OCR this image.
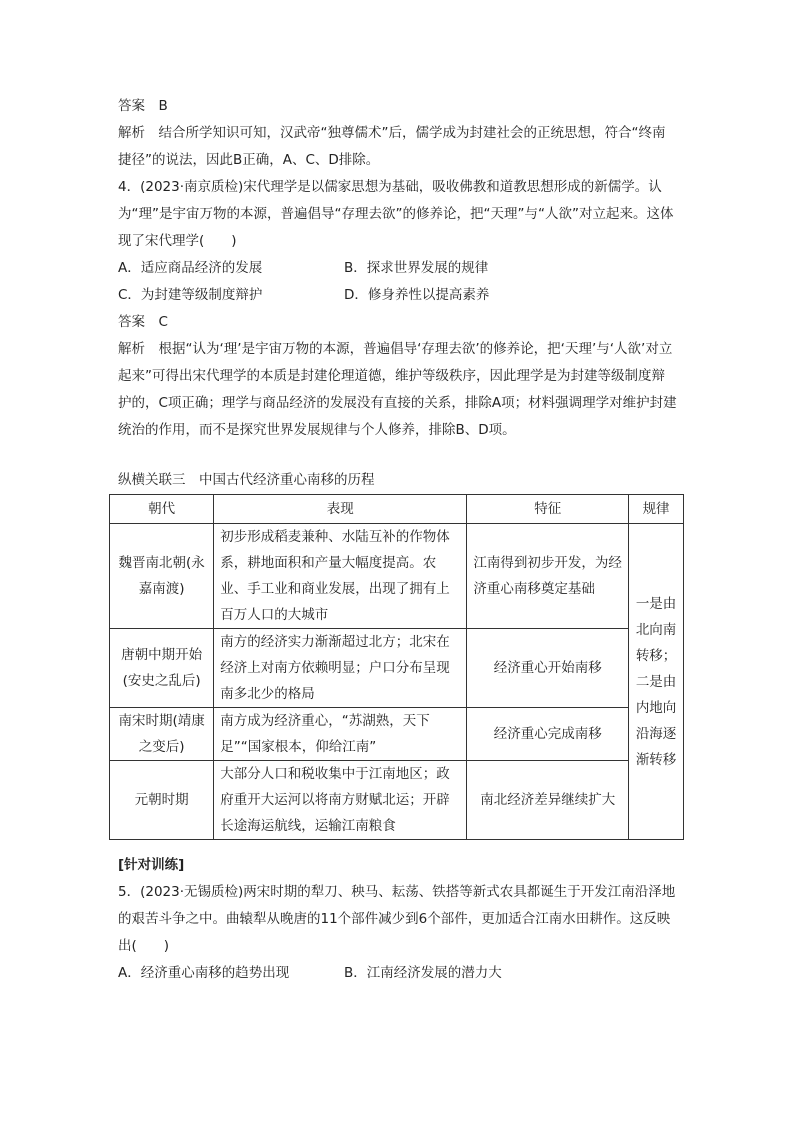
答案　B

解析　结合所学知识可知，汉武帝“独尊儒术”后，儒学成为封建社会的正统思想，符合“终南捷径”的说法，因此B正确，A、C、D排除。

4．(2023·南京质检)宋代理学是以儒家思想为基础，吸收佛教和道教思想形成的新儒学。认为“理”是宇宙万物的本源，普遍倡导“存理去欲”的修养论，把“天理”与“人欲”对立起来。这体现了宋代理学(　　)

A．适应商品经济的发展	B．探求世界发展的规律
C．为封建等级制度辩护	D．修身养性以提高素养

答案　C

解析　根据“认为‘理’是宇宙万物的本源，普遍倡导‘存理去欲’的修养论，把‘天理’与‘人欲’对立起来”可得出宋代理学的本质是封建伦理道德，维护等级秩序，因此理学是为封建等级制度辩护的，C项正确；理学与商品经济的发展没有直接的关系，排除A项；材料强调理学对维护封建统治的作用，而不是探究世界发展规律与个人修养，排除B、D项。

纵横关联三　中国古代经济重心南移的历程

朝代	表现	特征	规律
魏晋南北朝(永嘉南渡)	初步形成稻麦兼种、水陆互补的作物体系，耕地面积和产量大幅度提高。农业、手工业和商业发展，出现了拥有上百万人口的大城市	江南得到初步开发，为经济重心南移奠定基础	一是由北向南转移；二是由内地向沿海逐渐转移
唐朝中期开始(安史之乱后)	南方的经济实力渐渐超过北方；北宋在经济上对南方依赖明显；户口分布呈现南多北少的格局	经济重心开始南移	
南宋时期(靖康之变后)	南方成为经济重心，“苏湖熟，天下足”“国家根本，仰给江南”	经济重心完成南移	
元朝时期	大部分人口和税收集中于江南地区；政府重开大运河以将南方财赋北运；开辟长途海运航线，运输江南粮食	南北经济差异继续扩大	

[针对训练]

5．(2023·无锡质检)两宋时期的犁刀、秧马、耘荡、铁搭等新式农具都诞生于开发江南沿泽地的艰苦斗争之中。曲辕犁从晚唐的11个部件减少到6个部件，更加适合江南水田耕作。这反映出(　　)

A．经济重心南移的趋势出现	B．江南经济发展的潜力大
